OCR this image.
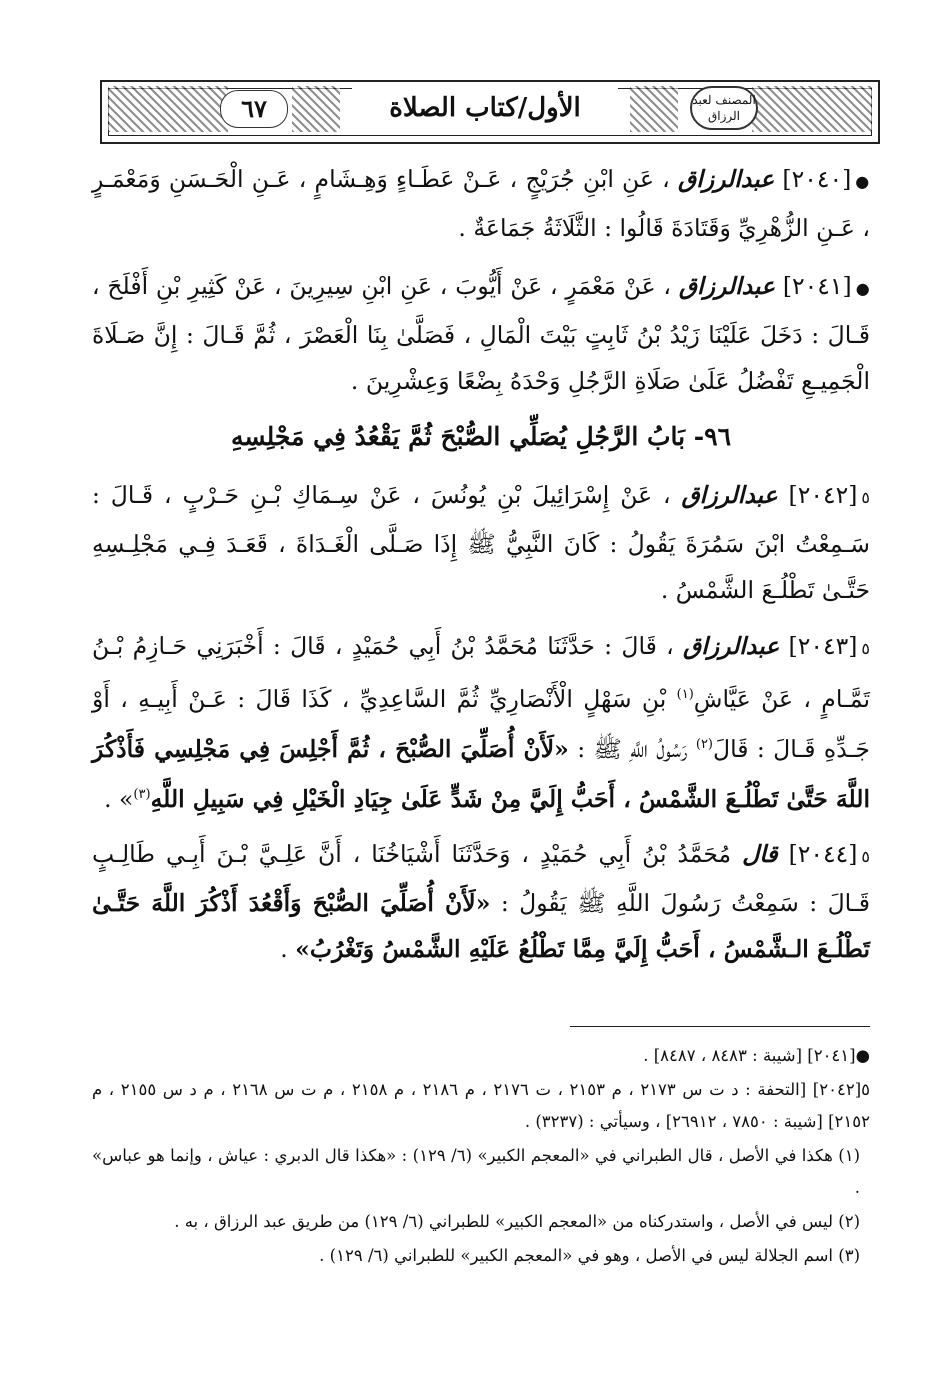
الأول/كتاب الصلاة
٦٧	المصنف لعبد الرزاق

●[٢٠٤٠] عبدالرزاق ، عَنِ ابْنِ جُرَيْجٍ ، عَـنْ عَطَـاءٍ وَهِـشَامٍ ، عَـنِ الْحَـسَنِ وَمَعْمَـرٍ ، عَـنِ الزُّهْرِيِّ وَقَتَادَةَ قَالُوا : الثَّلَاثَةُ جَمَاعَةٌ .

●[٢٠٤١] عبدالرزاق ، عَنْ مَعْمَرٍ ، عَنْ أَيُّوبَ ، عَنِ ابْنِ سِيرِينَ ، عَنْ كَثِيرِ بْنِ أَفْلَحَ ، قَـالَ : دَخَلَ عَلَيْنَا زَيْدُ بْنُ ثَابِتٍ بَيْتَ الْمَالِ ، فَصَلَّىٰ بِنَا الْعَصْرَ ، ثُمَّ قَـالَ : إِنَّ صَـلَاةَ الْجَمِيـعِ تَفْضُلُ عَلَىٰ صَلَاةِ الرَّجُلِ وَحْدَهُ بِضْعًا وَعِشْرِينَ .

٩٦- بَابُ الرَّجُلِ يُصَلِّي الصُّبْحَ ثُمَّ يَقْعُدُ فِي مَجْلِسِهِ

٥[٢٠٤٢] عبدالرزاق ، عَنْ إِسْرَائِيلَ بْنِ يُونُسَ ، عَنْ سِـمَاكِ بْـنِ حَـرْبٍ ، قَـالَ : سَـمِعْتُ ابْنَ سَمُرَةَ يَقُولُ : كَانَ النَّبِيُّ ﷺ إِذَا صَـلَّى الْغَـدَاةَ ، قَعَـدَ فِـي مَجْلِـسِهِ حَتَّـىٰ تَطْلُـعَ الشَّمْسُ .

٥[٢٠٤٣] عبدالرزاق ، قَالَ : حَدَّثَنَا مُحَمَّدُ بْنُ أَبِي حُمَيْدٍ ، قَالَ : أَخْبَرَنِي حَـازِمُ بْـنُ تَمَّـامٍ ، عَنْ عَيَّاشِ$^{(١)}$ بْنِ سَهْلٍ الْأَنْصَارِيِّ ثُمَّ السَّاعِدِيِّ ، كَذَا قَالَ : عَـنْ أَبِيـهِ ، أَوْ جَـدِّهِ قَـالَ : قَالَ$^{(٢)}$ رَسُولُ اللَّهِ ﷺ : «لَأَنْ أُصَلِّيَ الصُّبْحَ ، ثُمَّ أَجْلِسَ فِي مَجْلِسِي فَأَذْكُرَ اللَّهَ حَتَّىٰ تَطْلُـعَ الشَّمْسُ ، أَحَبُّ إِلَيَّ مِنْ شَدٍّ عَلَىٰ جِيَادِ الْخَيْلِ فِي سَبِيلِ اللَّهِ$^{(٣)}$» .

٥[٢٠٤٤] قال مُحَمَّدُ بْنُ أَبِي حُمَيْدٍ ، وَحَدَّثَنَا أَشْيَاخُنَا ، أَنَّ عَلِـيَّ بْـنَ أَبِـي طَالِـبٍ قَـالَ : سَمِعْتُ رَسُولَ اللَّهِ ﷺ يَقُولُ : «لَأَنْ أُصَلِّيَ الصُّبْحَ وَأَقْعُدَ أَذْكُرَ اللَّهَ حَتَّـىٰ تَطْلُـعَ الـشَّمْسُ ، أَحَبُّ إِلَيَّ مِمَّا تَطْلُعُ عَلَيْهِ الشَّمْسُ وَتَغْرُبُ» .

●[٢٠٤١] [شيبة : ٨٤٨٣ ، ٨٤٨٧] .
٥[٢٠٤٢] [التحفة : د ت س ٢١٧٣ ، م ٢١٥٣ ، ت ٢١٧٦ ، م ٢١٨٦ ، م ٢١٥٨ ، م ت س ٢١٦٨ ، م د س ٢١٥٥ ، م ٢١٥٢] [شيبة : ٧٨٥٠ ، ٢٦٩١٢] ، وسيأتي : (٣٢٣٧) .
(١) هكذا في الأصل ، قال الطبراني في «المعجم الكبير» (٦/ ١٢٩) : «هكذا قال الدبري : عياش ، وإنما هو عباس» .
(٢) ليس في الأصل ، واستدركناه من «المعجم الكبير» للطبراني (٦/ ١٢٩) من طريق عبد الرزاق ، به .
(٣) اسم الجلالة ليس في الأصل ، وهو في «المعجم الكبير» للطبراني (٦/ ١٢٩) .
